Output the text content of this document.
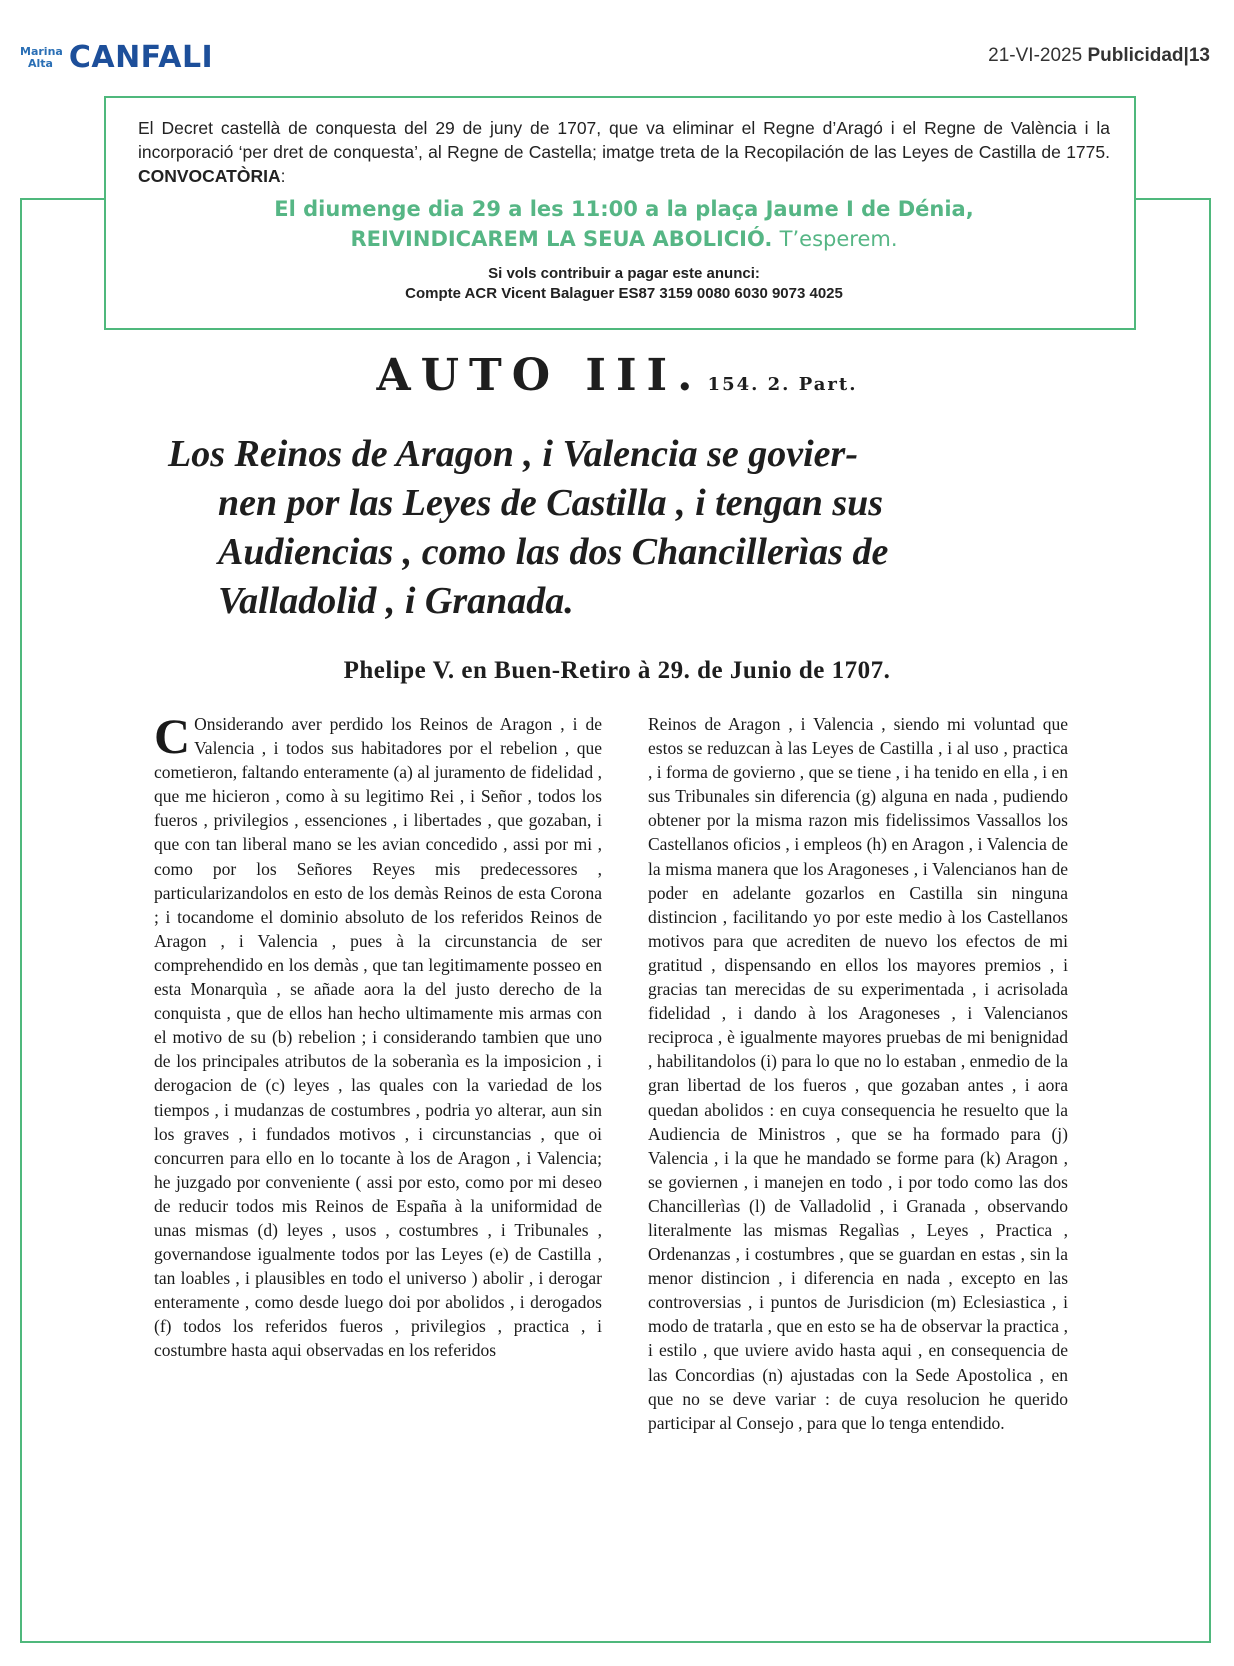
Marina
Alta CANFALI	21-VI-2025 Publicidad|13

El Decret castellà de conquesta del 29 de juny de 1707, que va eliminar el Regne d’Aragó i el Regne de València i la incorporació ‘per dret de conquesta’, al Regne de Castella; imatge treta de la Recopilación de las Leyes de Castilla de 1775. CONVOCATÒRIA:

El diumenge dia 29 a les 11:00 a la plaça Jaume I de Dénia,
REIVINDICAREM LA SEUA ABOLICIÓ. T’esperem.
Si vols contribuir a pagar este anunci:
Compte ACR Vicent Balaguer ES87 3159 0080 6030 9073 4025
AUTO III. 154. 2. Part.

Los Reinos de Aragon , i Valencia se govier-
nen por las Leyes de Castilla , i tengan sus
Audiencias , como las dos Chancillerìas de
Valladolid , i Granada.

Phelipe V. en Buen-Retiro à 29. de Junio de 1707.

C Onsiderando aver perdido los Reinos de Aragon , i de Valencia , i todos sus habitadores por el rebelion , que cometieron, faltando enteramente (a) al juramento de fidelidad , que me hicieron , como à su legitimo Rei , i Señor , todos los fueros , privilegios , essenciones , i libertades , que gozaban, i que con tan liberal mano se les avian concedido , assi por mi , como por los Señores Reyes mis predecessores , particularizandolos en esto de los demàs Reinos de esta Corona ; i tocandome el dominio absoluto de los referidos Reinos de Aragon , i Valencia , pues à la circunstancia de ser comprehendido en los demàs , que tan legitimamente posseo en esta Monarquìa , se añade aora la del justo derecho de la conquista , que de ellos han hecho ultimamente mis armas con el motivo de su (b) rebelion ; i considerando tambien que uno de los principales atributos de la soberanìa es la imposicion , i derogacion de (c) leyes , las quales con la variedad de los tiempos , i mudanzas de costumbres , podria yo alterar, aun sin los graves , i fundados motivos , i circunstancias , que oi concurren para ello en lo tocante à los de Aragon , i Valencia; he juzgado por conveniente ( assi por esto, como por mi deseo de reducir todos mis Reinos de España à la uniformidad de unas mismas (d) leyes , usos , costumbres , i Tribunales , governandose igualmente todos por las Leyes (e) de Castilla , tan loables , i plausibles en todo el universo ) abolir , i derogar enteramente , como desde luego doi por abolidos , i derogados (f) todos los referidos fueros , privilegios , practica , i costumbre hasta aqui observadas en los referidos

Reinos de Aragon , i Valencia , siendo mi voluntad que estos se reduzcan à las Leyes de Castilla , i al uso , practica , i forma de govierno , que se tiene , i ha tenido en ella , i en sus Tribunales sin diferencia (g) alguna en nada , pudiendo obtener por la misma razon mis fidelissimos Vassallos los Castellanos oficios , i empleos (h) en Aragon , i Valencia de la misma manera que los Aragoneses , i Valencianos han de poder en adelante gozarlos en Castilla sin ninguna distincion , facilitando yo por este medio à los Castellanos motivos para que acrediten de nuevo los efectos de mi gratitud , dispensando en ellos los mayores premios , i gracias tan merecidas de su experimentada , i acrisolada fidelidad , i dando à los Aragoneses , i Valencianos reciproca , è igualmente mayores pruebas de mi benignidad , habilitandolos (i) para lo que no lo estaban , enmedio de la gran libertad de los fueros , que gozaban antes , i aora quedan abolidos : en cuya consequencia he resuelto que la Audiencia de Ministros , que se ha formado para (j) Valencia , i la que he mandado se forme para (k) Aragon , se goviernen , i manejen en todo , i por todo como las dos Chancillerìas (l) de Valladolid , i Granada , observando literalmente las mismas Regalìas , Leyes , Practica , Ordenanzas , i costumbres , que se guardan en estas , sin la menor distincion , i diferencia en nada , excepto en las controversias , i puntos de Jurisdicion (m) Eclesiastica , i modo de tratarla , que en esto se ha de observar la practica , i estilo , que uviere avido hasta aqui , en consequencia de las Concordias (n) ajustadas con la Sede Apostolica , en que no se deve variar : de cuya resolucion he querido participar al Consejo , para que lo tenga entendido.
